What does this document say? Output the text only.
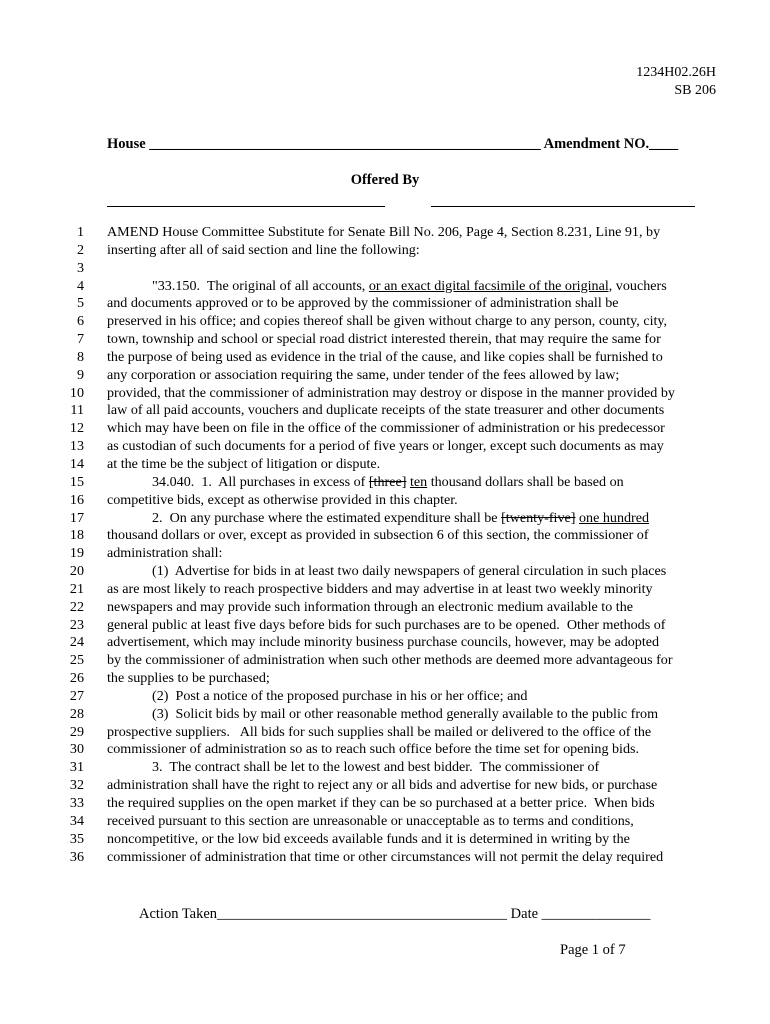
1234H02.26H
SB 206
House ______________________________________________________ Amendment NO.____
Offered By
1 AMEND House Committee Substitute for Senate Bill No. 206, Page 4, Section 8.231, Line 91, by
2 inserting after all of said section and line the following:
3
4	"33.150.  The original of all accounts, or an exact digital facsimile of the original, vouchers
5 and documents approved or to be approved by the commissioner of administration shall be
6 preserved in his office; and copies thereof shall be given without charge to any person, county, city,
7 town, township and school or special road district interested therein, that may require the same for
8 the purpose of being used as evidence in the trial of the cause, and like copies shall be furnished to
9 any corporation or association requiring the same, under tender of the fees allowed by law;
10 provided, that the commissioner of administration may destroy or dispose in the manner provided by
11 law of all paid accounts, vouchers and duplicate receipts of the state treasurer and other documents
12 which may have been on file in the office of the commissioner of administration or his predecessor
13 as custodian of such documents for a period of five years or longer, except such documents as may
14 at the time be the subject of litigation or dispute.
15	34.040.  1.  All purchases in excess of [three] ten thousand dollars shall be based on
16 competitive bids, except as otherwise provided in this chapter.
17	2.  On any purchase where the estimated expenditure shall be [twenty-five] one hundred
18 thousand dollars or over, except as provided in subsection 6 of this section, the commissioner of
19 administration shall:
20	(1)  Advertise for bids in at least two daily newspapers of general circulation in such places
21 as are most likely to reach prospective bidders and may advertise in at least two weekly minority
22 newspapers and may provide such information through an electronic medium available to the
23 general public at least five days before bids for such purchases are to be opened.  Other methods of
24 advertisement, which may include minority business purchase councils, however, may be adopted
25 by the commissioner of administration when such other methods are deemed more advantageous for
26 the supplies to be purchased;
27	(2)  Post a notice of the proposed purchase in his or her office; and
28	(3)  Solicit bids by mail or other reasonable method generally available to the public from
29 prospective suppliers.   All bids for such supplies shall be mailed or delivered to the office of the
30 commissioner of administration so as to reach such office before the time set for opening bids.
31	3.  The contract shall be let to the lowest and best bidder.  The commissioner of
32 administration shall have the right to reject any or all bids and advertise for new bids, or purchase
33 the required supplies on the open market if they can be so purchased at a better price.  When bids
34 received pursuant to this section are unreasonable or unacceptable as to terms and conditions,
35 noncompetitive, or the low bid exceeds available funds and it is determined in writing by the
36 commissioner of administration that time or other circumstances will not permit the delay required
Action Taken________________________________________ Date _______________
Page 1 of 7
